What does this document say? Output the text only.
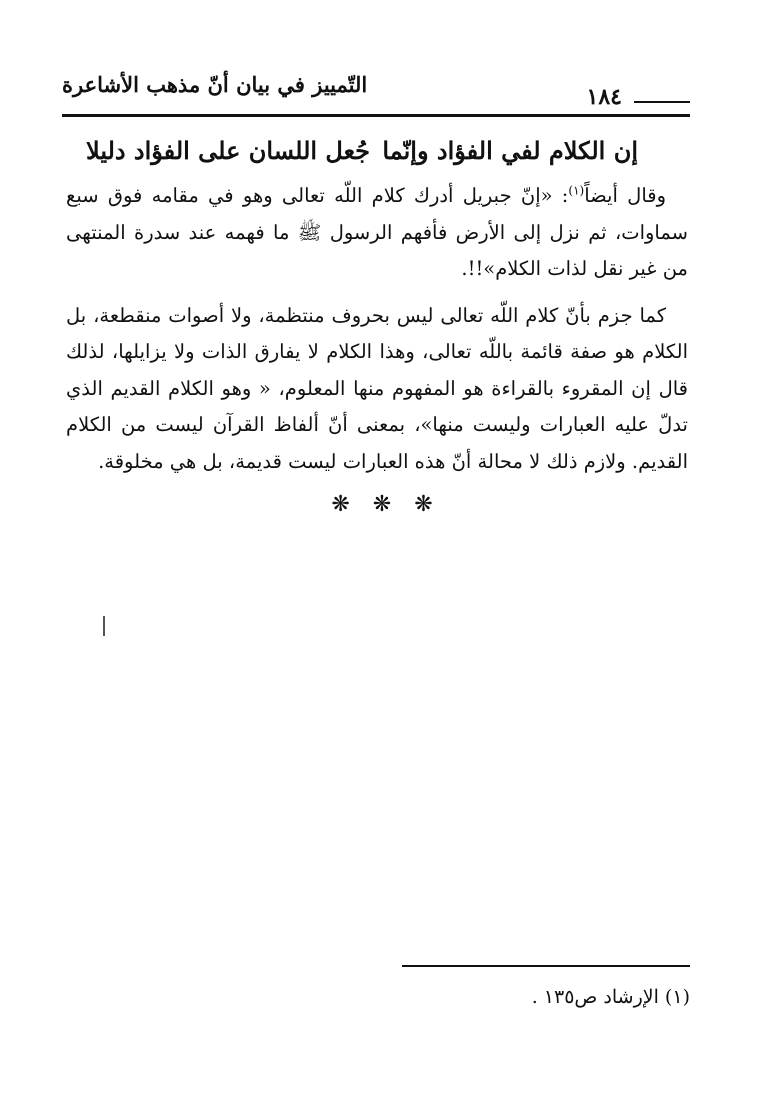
التّمييز في بيان أنّ مذهب الأشاعرة	١٨٤
إن الكلام لفي الفؤاد وإنّما
جُعل اللسان على الفؤاد دليلا

وقال أيضاً$^{(١)}$: «إنّ جبريل أدرك كلام اللّه تعالى وهو في مقامه فوق سبع سماوات، ثم نزل إلى الأرض فأفهم الرسول ﷺ ما فهمه عند سدرة المنتهى من غير نقل لذات الكلام»!!.

كما جزم بأنّ كلام اللّه تعالى ليس بحروف منتظمة، ولا أصوات منقطعة، بل الكلام هو صفة قائمة باللّه تعالى، وهذا الكلام لا يفارق الذات ولا يزايلها، لذلك قال إن المقروء بالقراءة هو المفهوم منها المعلوم، « وهو الكلام القديم الذي تدلّ عليه العبارات وليست منها»، بمعنى أنّ ألفاظ القرآن ليست من الكلام القديم. ولازم ذلك لا محالة أنّ هذه العبارات ليست قديمة، بل هي مخلوقة.

❋ ❋ ❋
(١) الإرشاد ص١٣٥ .
